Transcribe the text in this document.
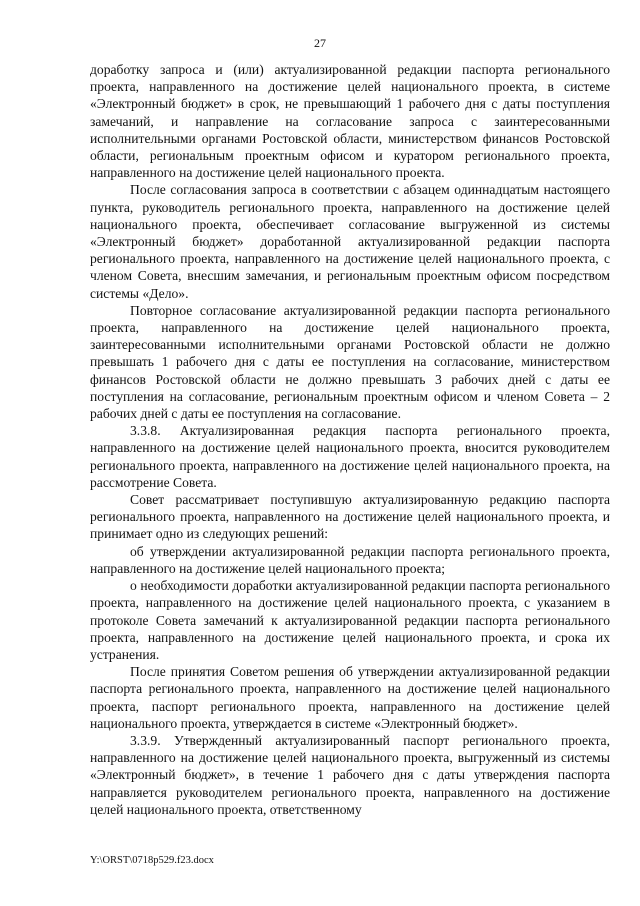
27

доработку запроса и (или) актуализированной редакции паспорта регионального проекта, направленного на достижение целей национального проекта, в системе «Электронный бюджет» в срок, не превышающий 1 рабочего дня с даты поступления замечаний, и направление на согласование запроса с заинтересованными исполнительными органами Ростовской области, министерством финансов Ростовской области, региональным проектным офисом и куратором регионального проекта, направленного на достижение целей национального проекта.

После согласования запроса в соответствии с абзацем одиннадцатым настоящего пункта, руководитель регионального проекта, направленного на достижение целей национального проекта, обеспечивает согласование выгруженной из системы «Электронный бюджет» доработанной актуализированной редакции паспорта регионального проекта, направленного на достижение целей национального проекта, с членом Совета, внесшим замечания, и региональным проектным офисом посредством системы «Дело».

Повторное согласование актуализированной редакции паспорта регионального проекта, направленного на достижение целей национального проекта, заинтересованными исполнительными органами Ростовской области не должно превышать 1 рабочего дня с даты ее поступления на согласование, министерством финансов Ростовской области не должно превышать 3 рабочих дней с даты ее поступления на согласование, региональным проектным офисом и членом Совета – 2 рабочих дней с даты ее поступления на согласование.

3.3.8. Актуализированная редакция паспорта регионального проекта, направленного на достижение целей национального проекта, вносится руководителем регионального проекта, направленного на достижение целей национального проекта, на рассмотрение Совета.

Совет рассматривает поступившую актуализированную редакцию паспорта регионального проекта, направленного на достижение целей национального проекта, и принимает одно из следующих решений:

об утверждении актуализированной редакции паспорта регионального проекта, направленного на достижение целей национального проекта;

о необходимости доработки актуализированной редакции паспорта регионального проекта, направленного на достижение целей национального проекта, с указанием в протоколе Совета замечаний к актуализированной редакции паспорта регионального проекта, направленного на достижение целей национального проекта, и срока их устранения.

После принятия Советом решения об утверждении актуализированной редакции паспорта регионального проекта, направленного на достижение целей национального проекта, паспорт регионального проекта, направленного на достижение целей национального проекта, утверждается в системе «Электронный бюджет».

3.3.9. Утвержденный актуализированный паспорт регионального проекта, направленного на достижение целей национального проекта, выгруженный из системы «Электронный бюджет», в течение 1 рабочего дня с даты утверждения паспорта направляется руководителем регионального проекта, направленного на достижение целей национального проекта, ответственному

Y:\ORST\0718p529.f23.docx
